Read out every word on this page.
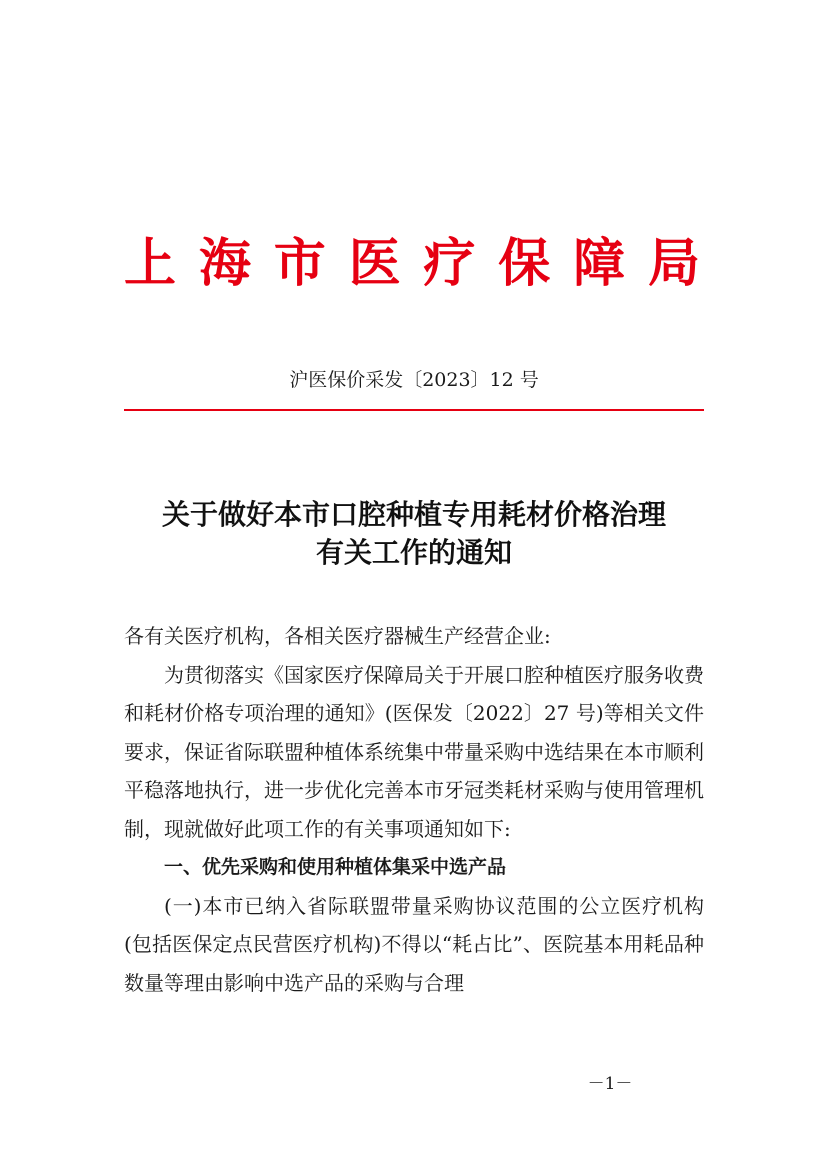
上海市医疗保障局
沪医保价采发〔2023〕12 号
关于做好本市口腔种植专用耗材价格治理
有关工作的通知

各有关医疗机构，各相关医疗器械生产经营企业:

为贯彻落实《国家医疗保障局关于开展口腔种植医疗服务收费和耗材价格专项治理的通知》(医保发〔2022〕27 号)等相关文件要求，保证省际联盟种植体系统集中带量采购中选结果在本市顺利平稳落地执行，进一步优化完善本市牙冠类耗材采购与使用管理机制，现就做好此项工作的有关事项通知如下:

一、优先采购和使用种植体集采中选产品

(一)本市已纳入省际联盟带量采购协议范围的公立医疗机构(包括医保定点民营医疗机构)不得以“耗占比”、医院基本用耗品种数量等理由影响中选产品的采购与合理

－1－
